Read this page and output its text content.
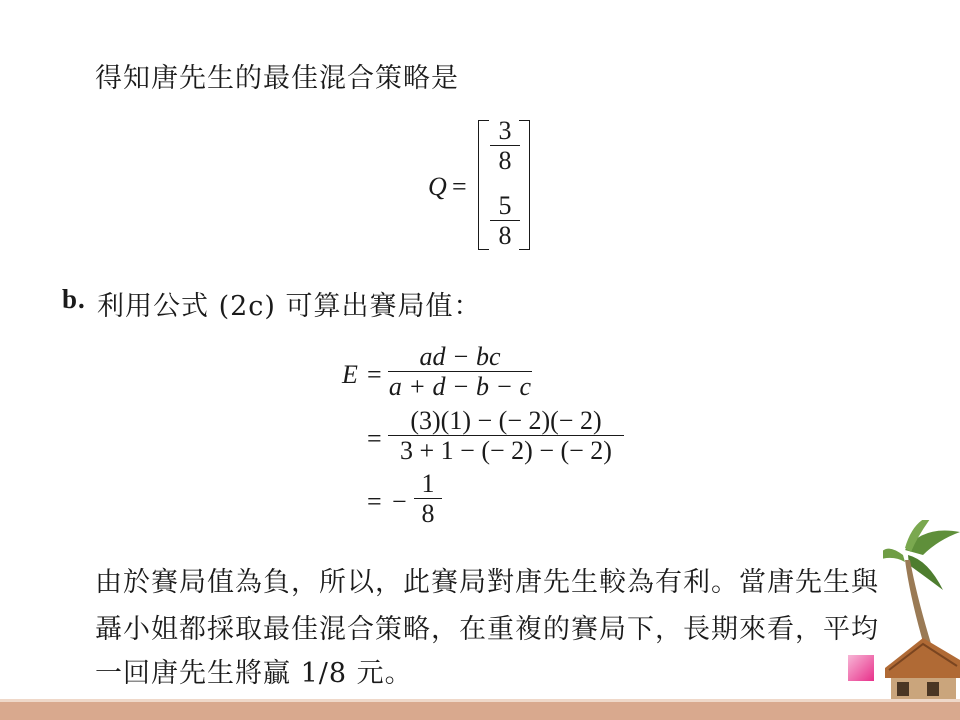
得知唐先生的最佳混合策略是
Q =
3
8
5
8
b. 利用公式 (2c) 可算出賽局值：
E =
ad − bc
a + d − b − c
=
(3)(1) − (− 2)(− 2)
3 + 1 − (− 2) − (− 2)
= −
1
8
由於賽局值為負，所以，此賽局對唐先生較為有利。當唐先生與
聶小姐都採取最佳混合策略，在重複的賽局下，長期來看，平均
一回唐先生將贏 1/8 元。
